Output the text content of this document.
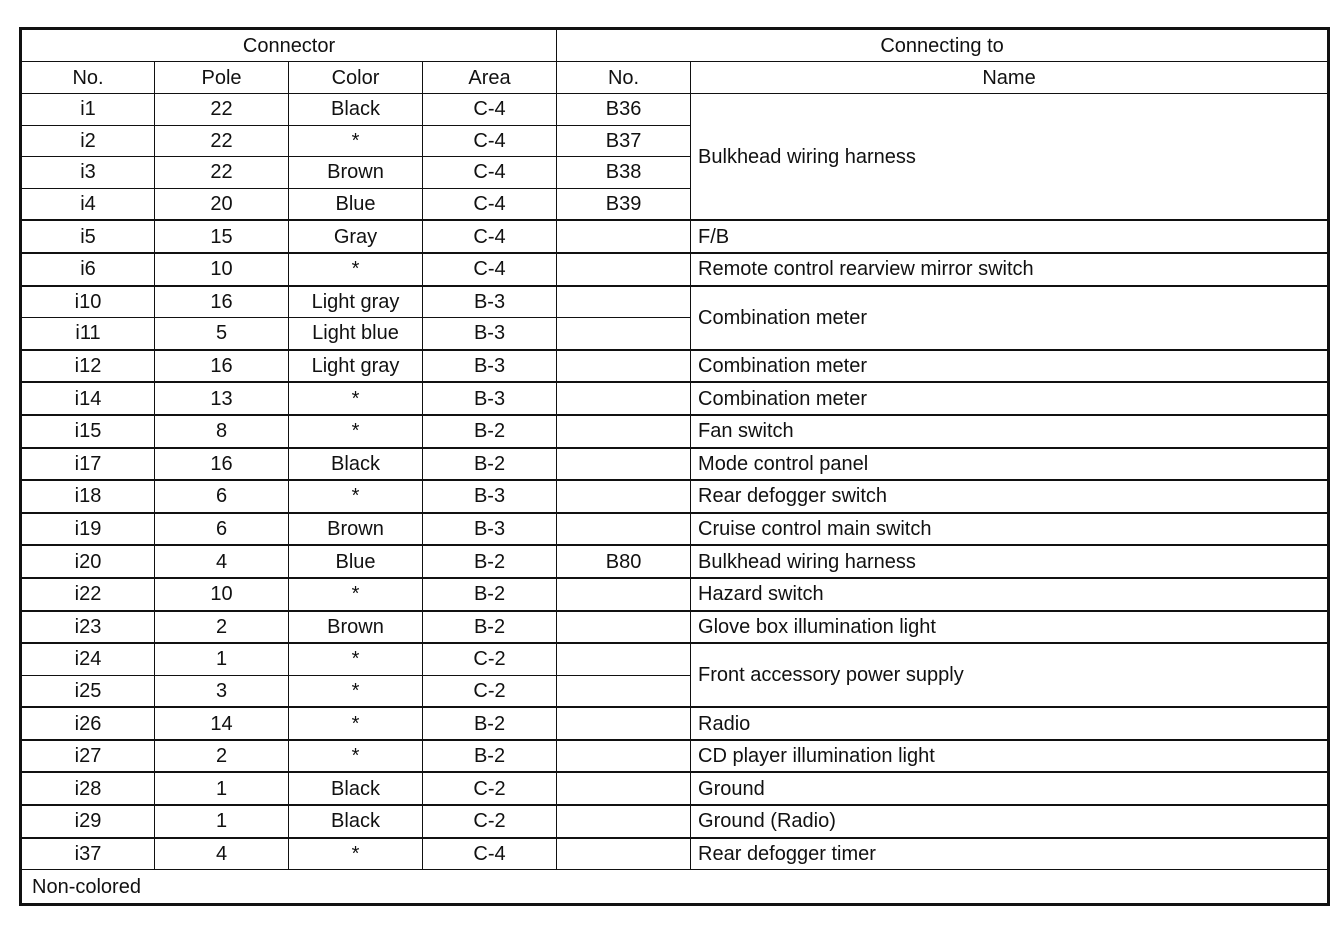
Connector				Connecting to	
No.	Pole	Color	Area	No.	Name
i1	22	Black	C-4	B36	Bulkhead wiring harness
i2	22	*	C-4	B37	
i3	22	Brown	C-4	B38	
i4	20	Blue	C-4	B39	
i5	15	Gray	C-4		F/B
i6	10	*	C-4		Remote control rearview mirror switch
i10	16	Light gray	B-3		Combination meter
i11	5	Light blue	B-3		
i12	16	Light gray	B-3		Combination meter
i14	13	*	B-3		Combination meter
i15	8	*	B-2		Fan switch
i17	16	Black	B-2		Mode control panel
i18	6	*	B-3		Rear defogger switch
i19	6	Brown	B-3		Cruise control main switch
i20	4	Blue	B-2	B80	Bulkhead wiring harness
i22	10	*	B-2		Hazard switch
i23	2	Brown	B-2		Glove box illumination light
i24	1	*	C-2		Front accessory power supply
i25	3	*	C-2		
i26	14	*	B-2		Radio
i27	2	*	B-2		CD player illumination light
i28	1	Black	C-2		Ground
i29	1	Black	C-2		Ground (Radio)
i37	4	*	C-4		Rear defogger timer
Non-colored					
